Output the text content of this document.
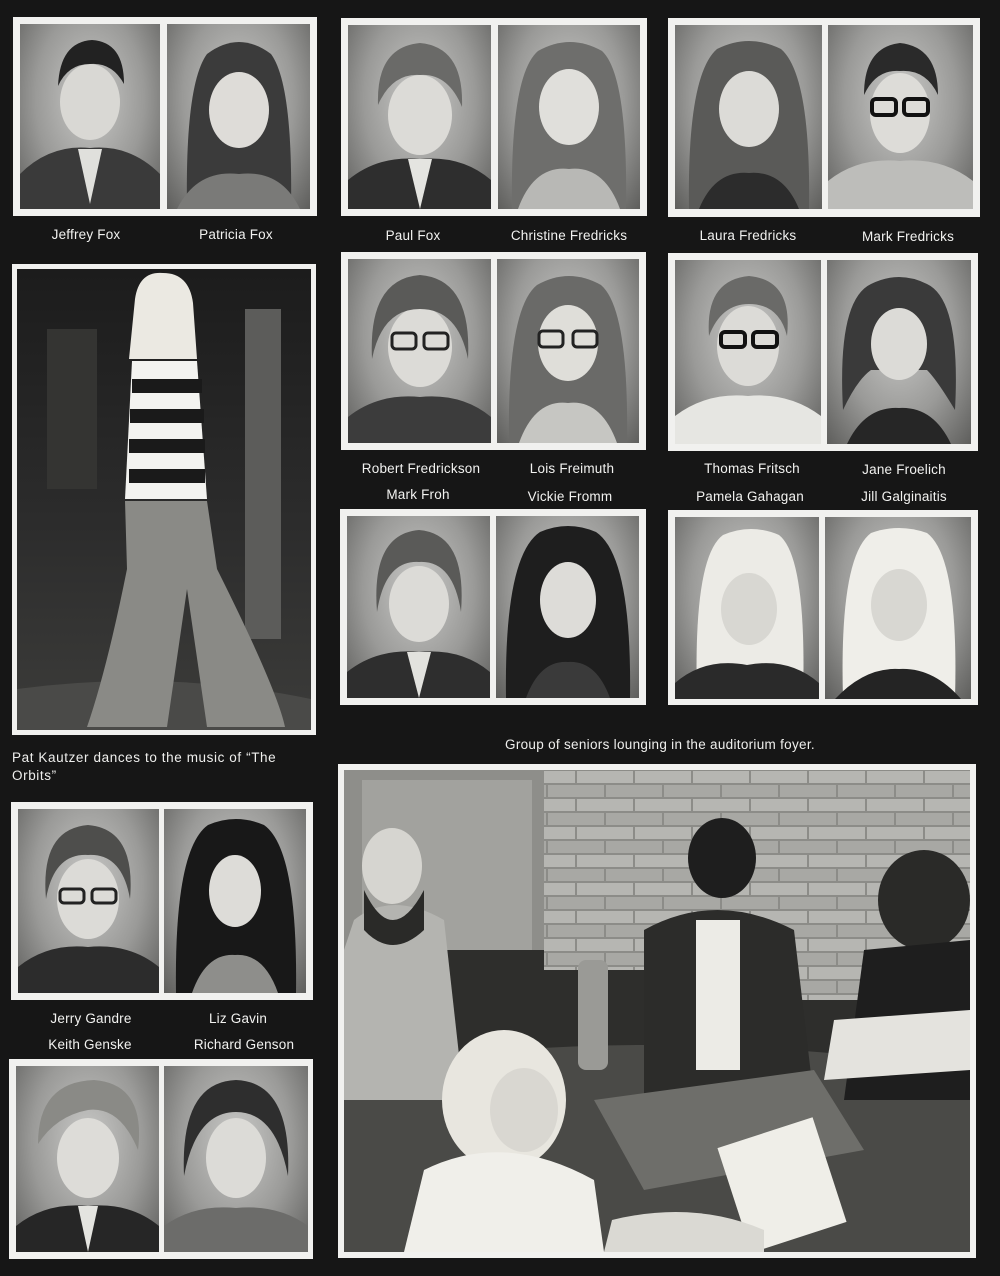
Jeffrey Fox	Patricia Fox	Paul Fox	Christine Fredricks	Laura Fredricks	Mark Fredricks
Pat Kautzer dances to the music of “The Orbits”
Robert Fredrickson	Lois Freimuth
Mark Froh	Vickie Fromm
Thomas Fritsch	Jane Froelich
Pamela Gahagan	Jill Galginaitis
Group of seniors lounging in the auditorium foyer.
Jerry Gandre	Liz Gavin
Keith Genske	Richard Genson
